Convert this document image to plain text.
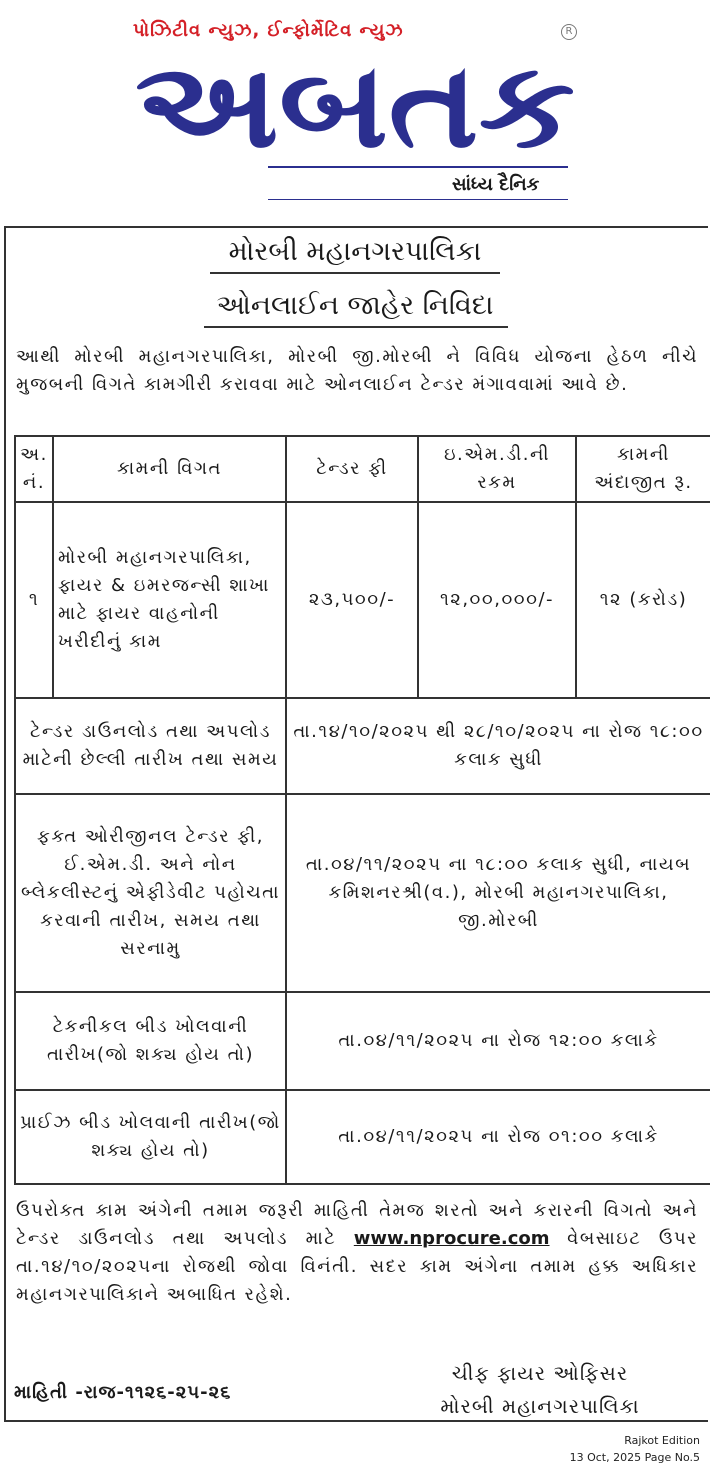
પોઝિટીવ ન્યુઝ, ઈન્ફોર્મેટિવ ન્યુઝ	R
અબતક
સાંધ્ય દૈનિક
મોરબી મહાનગરપાલિકા
ઓનલાઈન જાહેર નિવિદા
આથી મોરબી મહાનગરપાલિકા, મોરબી જી.મોરબી ને વિવિધ યોજના હેઠળ નીચે મુજબની વિગતે કામગીરી કરાવવા માટે ઓનલાઈન ટેન્ડર મંગાવવામાં આવે છે.
અ. નં.	કામની વિગત	ટેન્ડર ફી	ઇ.એમ.ડી.ની રકમ	કામની અંદાજીત રૂ.
૧	મોરબી મહાનગરપાલિકા, ફાયર & ઇમરજન્સી શાખા માટે ફાયર વાહનોની ખરીદીનું કામ	૨૩,૫૦૦/-	૧૨,૦૦,૦૦૦/-	૧૨ (કરોડ)
ટેન્ડર ડાઉનલોડ તથા અપલોડ માટેની છેલ્લી તારીખ તથા સમય		તા.૧૪/૧૦/૨૦૨૫ થી ૨૮/૧૦/૨૦૨૫ ના રોજ ૧૮:૦૦ કલાક સુધી		
ફક્ત ઓરીજીનલ ટેન્ડર ફી, ઈ.એમ.ડી. અને નોન બ્લેકલીસ્ટનું એફીડેવીટ પહોચતા કરવાની તારીખ, સમય તથા સરનામુ		તા.૦૪/૧૧/૨૦૨૫ ના ૧૮:૦૦ કલાક સુધી, નાયબ કમિશનરશ્રી(વ.), મોરબી મહાનગરપાલિકા, જી.મોરબી		
ટેકનીકલ બીડ ખોલવાની તારીખ(જો શક્ય હોય તો)		તા.૦૪/૧૧/૨૦૨૫ ના રોજ ૧૨:૦૦ કલાકે		
પ્રાઈઝ બીડ ખોલવાની તારીખ(જો શક્ય હોય તો)		તા.૦૪/૧૧/૨૦૨૫ ના રોજ ૦૧:૦૦ કલાકે		
ઉપરોક્ત કામ અંગેની તમામ જરૂરી માહિતી તેમજ શરતો અને કરારની વિગતો અને ટેન્ડર ડાઉનલોડ તથા અપલોડ માટે www.nprocure.com વેબસાઇટ ઉપર તા.૧૪/૧૦/૨૦૨૫ના રોજથી જોવા વિનંતી. સદર કામ અંગેના તમામ હક્ક અધિકાર મહાનગરપાલિકાને અબાધિત રહેશે.
માહિતી -રાજ-૧૧૨૬-૨૫-૨૬
ચીફ ફાયર ઓફિસર
મોરબી મહાનગરપાલિકા
Rajkot Edition
13 Oct, 2025 Page No.5
